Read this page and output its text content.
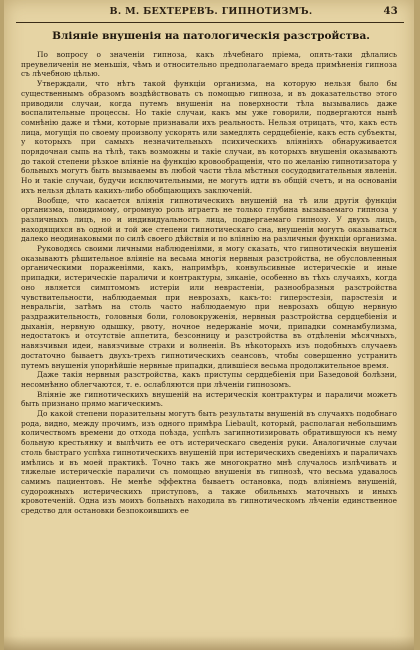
В. М. БЕХТЕРЕВЪ. ГИПНОТИЗМЪ.	43
Вліяніе внушенія на патологическія разстройства.

По вопросу о значеніи гипноза, какъ лѣчебнаго пріема, опять-таки дѣлались преувеличенія не меньшія, чѣмъ и относительно предполагаемаго вреда примѣненія гипноза съ лѣчебною цѣлью.

Утверждали, что нѣтъ такой функціи организма, на которую нельзя было бы существеннымъ образомъ воздѣйствовать съ помощью гипноза, и въ доказательство этого приводили случаи, когда путемъ внушенія на поверхности тѣла вызывались даже воспалительные процессы. Но такіе случаи, какъ мы уже говорили, подвергаются нынѣ сомнѣнію даже и тѣми, которые признавали ихъ реальность. Нельзя отрицать, что, какъ есть лица, могущія по своему произволу ускорять или замедлять сердцебіеніе, какъ есть субъекты, у которыхъ при самыхъ незначительныхъ психическихъ вліяніяхъ обнаруживается порядочная сыпь на тѣлѣ, такъ возможны и такіе случаи, въ которыхъ внушенія оказываютъ до такой степени рѣзкое вліяніе на функцію кровообращенія, что по желанію гипнотизатора у больныхъ могутъ быть вызываемы въ любой части тѣла мѣстныя сосудодвигательныя явленія. Но и такіе случаи, будучи исключительными, не могутъ идти въ общій счетъ, и на основаніи ихъ нельзя дѣлать какихъ-либо обобщающихъ заключеній.

Вообще, что касается вліянія гипнотическихъ внушеній на тѣ или другія функціи организма, повидимому, огромную роль играетъ не только глубина вызываемаго гипноза у различныхъ лицъ, но и индивидуальность лица, подвергаемаго гипнозу. У двухъ лицъ, находящихся въ одной и той же степени гипнотическаго сна, внушенія могутъ оказываться далеко неодинаковыми по силѣ своего дѣйствія и по вліянію на различныя функціи организма.

Руководясь своими личными наблюденіями, я могу сказать, что гипнотическія внушенія оказываютъ рѣшительное вліяніе на весьма многія нервныя разстройства, не обусловленныя органическими пораженіями, какъ, напримѣръ, конвульсивные истерическіе и иные припадки, истерическіе параличи и контрактуры, зяканіе, особенно въ тѣхъ случаяхъ, когда оно является симптомомъ истеріи или неврастеніи, разнообразныя разстройства чувствительности, наблюдаемыя при неврозахъ, какъ-то: гиперэстезія, парэстезія и невральгіи, затѣмъ на столь часто наблюдаемую при неврозахъ общую нервную раздражительность, головныя боли, головокруженія, нервныя разстройства сердцебіенія и дыханія, нервную одышку, рвоту, ночное недержаніе мочи, припадки сомнамбулизма, недостатокъ и отсутствіе аппетита, безсонницу и разстройства въ отдѣленіи мѣсячныхъ, навязчивыя идеи, навязчивые страхи и волненія. Въ нѣкоторыхъ изъ подобныхъ случаевъ достаточно бываетъ двухъ-трехъ гипнотическихъ сеансовъ, чтобы совершенно устранить путемъ внушенія упорнѣйшіе нервные припадки, длившіеся весьма продолжительное время.

Даже такія нервныя разстройства, какъ приступы сердцебіенія при Базедовой болѣзни, несомнѣнно облегчаются, т. е. ослабляются при лѣченіи гипнозомъ.

Вліяніе же гипнотическихъ внушеній на истерическія контрактуры и параличи можетъ быть признано прямо магическимъ.

До какой степени поразительны могутъ быть результаты внушеній въ случаяхъ подобнаго рода, видно, между прочимъ, изъ одного примѣра Liebault, который, располагая небольшимъ количествомъ времени до отхода поѣзда, успѣлъ загипнотизировать обратившуюся къ нему больную крестьянку и вылѣчить ее отъ истерическаго сведенія руки. Аналогичные случаи столь быстраго успѣха гипнотическихъ внушеній при истерическихъ сведеніяхъ и параличахъ имѣлись и въ моей практикѣ. Точно такъ же многократно мнѣ случалось излѣчивать и тяжелые истерическіе параличи съ помощью внушенія въ гипнозѣ, что весьма удавалось самимъ пациентовъ. Не менѣе эффектна бываетъ остановка, подъ вліяніемъ внушеній, судорожныхъ истерическихъ приступовъ, а также обильныхъ маточныхъ и иныхъ кровотеченій. Одна изъ моихъ больныхъ находила въ гипнотическомъ лѣченіи единственное средство для остановки безпокоившихъ ее
